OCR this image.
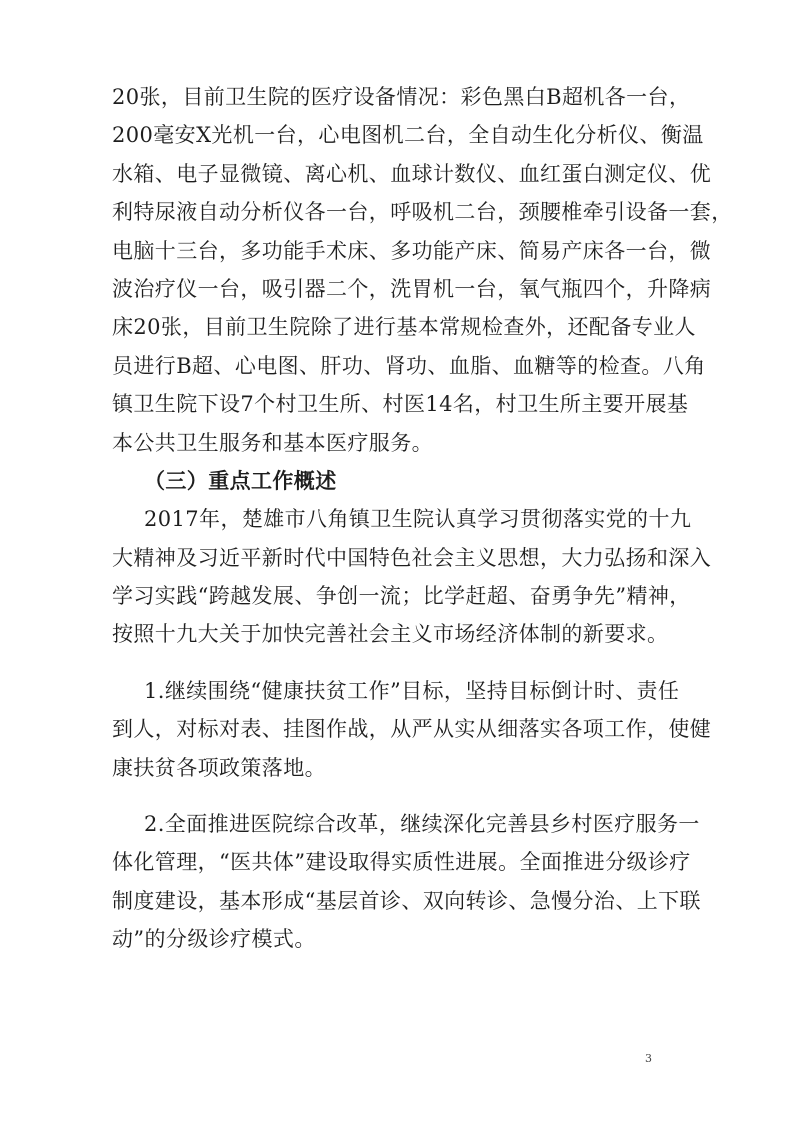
20张，目前卫生院的医疗设备情况：彩色黑白B超机各一台，
200毫安X光机一台，心电图机二台，全自动生化分析仪、衡温
水箱、电子显微镜、离心机、血球计数仪、血红蛋白测定仪、优
利特尿液自动分析仪各一台，呼吸机二台，颈腰椎牵引设备一套，
电脑十三台，多功能手术床、多功能产床、简易产床各一台，微
波治疗仪一台，吸引器二个，洗胃机一台，氧气瓶四个，升降病
床20张，目前卫生院除了进行基本常规检查外，还配备专业人
员进行B超、心电图、肝功、肾功、血脂、血糖等的检查。八角
镇卫生院下设7个村卫生所、村医14名，村卫生所主要开展基
本公共卫生服务和基本医疗服务。
（三）重点工作概述
2017年，楚雄市八角镇卫生院认真学习贯彻落实党的十九
大精神及习近平新时代中国特色社会主义思想，大力弘扬和深入
学习实践“跨越发展、争创一流；比学赶超、奋勇争先”精神，
按照十九大关于加快完善社会主义市场经济体制的新要求。
1.继续围绕“健康扶贫工作”目标，坚持目标倒计时、责任
到人，对标对表、挂图作战，从严从实从细落实各项工作，使健
康扶贫各项政策落地。
2.全面推进医院综合改革，继续深化完善县乡村医疗服务一
体化管理，“医共体”建设取得实质性进展。全面推进分级诊疗
制度建设，基本形成“基层首诊、双向转诊、急慢分治、上下联
动”的分级诊疗模式。
3
